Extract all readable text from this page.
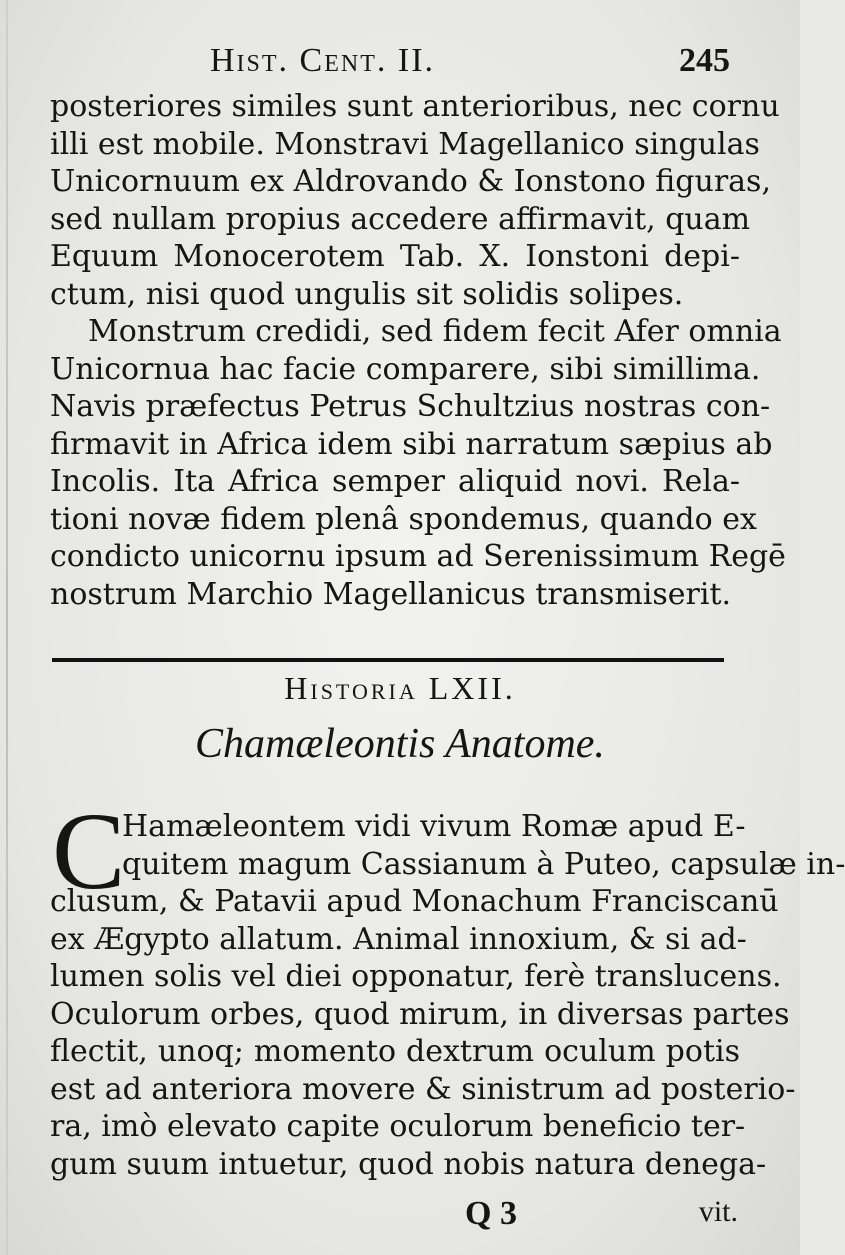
Hist. Cent. II.	245
posteriores similes sunt anterioribus, nec cornu
illi est mobile. Monstravi Magellanico singulas
Unicornuum ex Aldrovando & Ionstono figuras,
sed nullam propius accedere affirmavit, quam
Equum Monocerotem Tab. X. Ionstoni depi-
ctum, nisi quod ungulis sit solidis solipes.
Monstrum credidi, sed fidem fecit Afer omnia
Unicornua hac facie comparere, sibi simillima.
Navis præfectus Petrus Schultzius nostras con-
firmavit in Africa idem sibi narratum sæpius ab
Incolis. Ita Africa semper aliquid novi. Rela-
tioni novæ fidem plenâ spondemus, quando ex
condicto unicornu ipsum ad Serenissimum Regē
nostrum Marchio Magellanicus transmiserit.
Historia LXII.
Chamæleontis Anatome.
C
Hamæleontem vidi vivum Romæ apud E-
quitem magum Cassianum à Puteo, capsulæ in-
clusum, & Patavii apud Monachum Franciscanū
ex Ægypto allatum. Animal innoxium, & si ad-
lumen solis vel diei opponatur, ferè translucens.
Oculorum orbes, quod mirum, in diversas partes
flectit, unoq; momento dextrum oculum potis
est ad anteriora movere & sinistrum ad posterio-
ra, imò elevato capite oculorum beneficio ter-
gum suum intuetur, quod nobis natura denega-
Q 3	vit.
